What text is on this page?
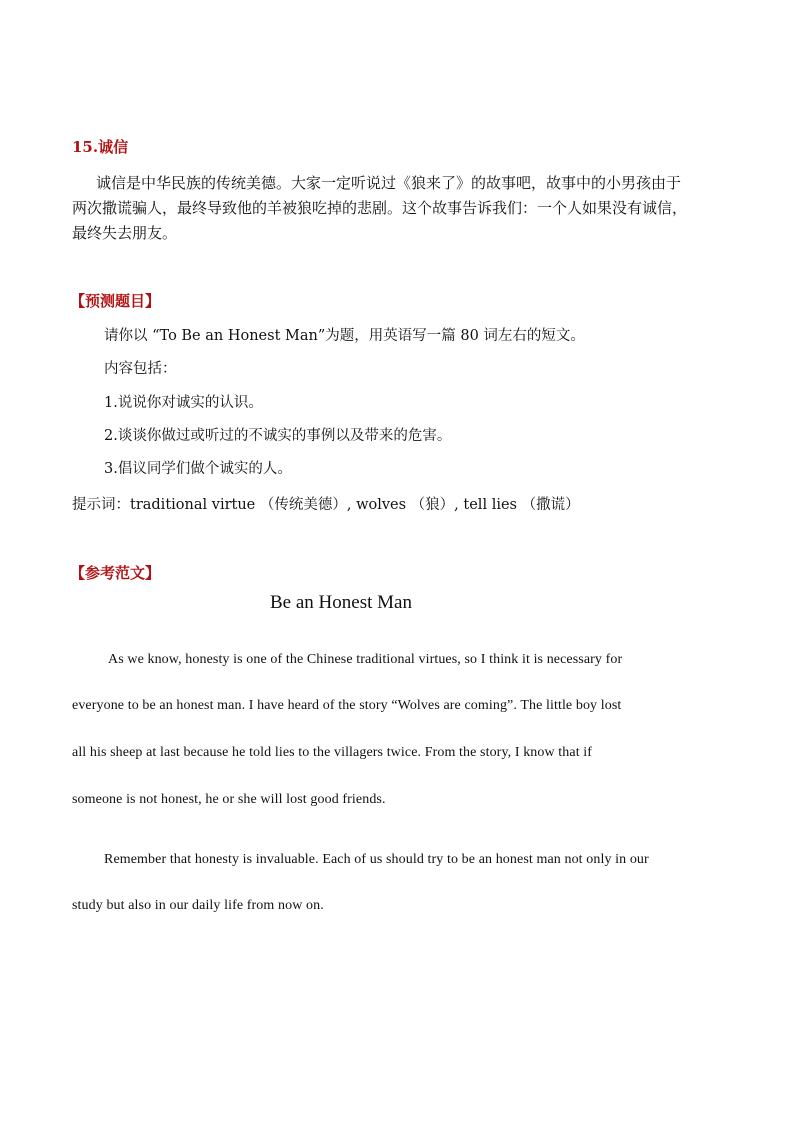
15.诚信
诚信是中华民族的传统美德。大家一定听说过《狼来了》的故事吧，故事中的小男孩由于
两次撒谎骗人，最终导致他的羊被狼吃掉的悲剧。这个故事告诉我们：一个人如果没有诚信，
最终失去朋友。
【预测题目】
请你以 “To Be an Honest Man”为题，用英语写一篇 80 词左右的短文。
内容包括：
1.说说你对诚实的认识。
2.谈谈你做过或听过的不诚实的事例以及带来的危害。
3.倡议同学们做个诚实的人。
提示词：traditional virtue （传统美德）, wolves （狼）, tell lies （撒谎）
【参考范文】
Be an Honest Man
As we know, honesty is one of the Chinese traditional virtues, so I think it is necessary for
everyone to be an honest man. I have heard of the story “Wolves are coming”. The little boy lost
all his sheep at last because he told lies to the villagers twice. From the story, I know that if
someone is not honest, he or she will lost good friends.
Remember that honesty is invaluable. Each of us should try to be an honest man not only in our
study but also in our daily life from now on.
